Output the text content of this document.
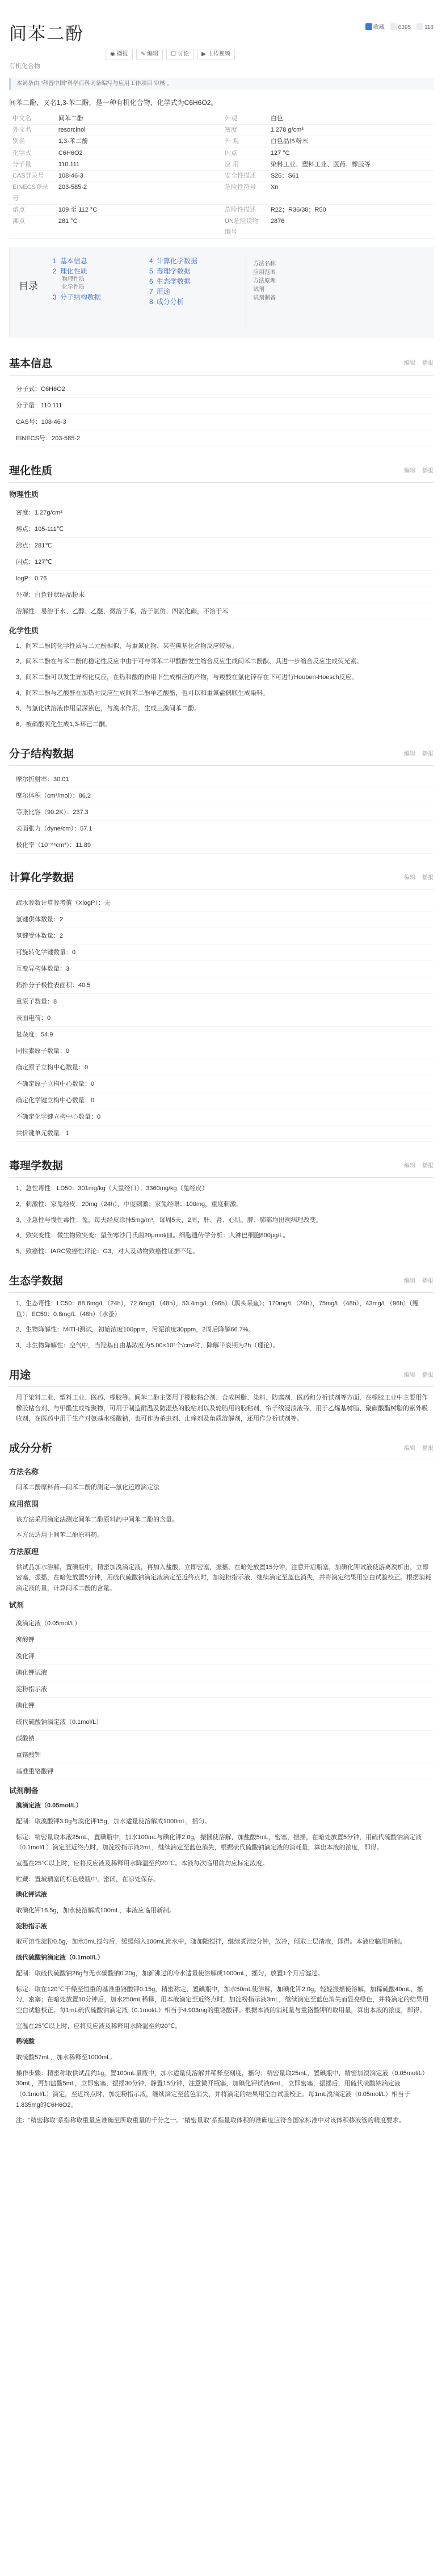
收藏	6395	118
间苯二酚
◉ 播报 ✎ 编辑 ☐ 讨论 ▶ 上传视频
有机化合物
本词条由 “科普中国”科学百科词条编写与应用工作项目 审核 。
间苯二酚，又名1,3-苯二酚，是一种有机化合物，化学式为C6H6O2。
中文名	间苯二酚	外观	白色
外文名	resorcinol	密度	1.278 g/cm³
别名	1,3-苯二酚	外 观	白色晶体粉末
化学式	C6H6O2	闪点	127 °C
分子量	110.111	应 用	染料工业、塑料工业、医药、橡胶等
CAS登录号	108-46-3	安全性描述	S26；S61
EINECS登录号	203-585-2	危险性符号	Xn
熔点	109 至 112 °C	危险性描述	R22；R36/38；R50
沸点	281 °C	UN危险货物编号	2876
目录
1 基本信息
2 理化性质
物理性质
化学性质
3 分子结构数据
4 计算化学数据
5 毒理学数据
6 生态学数据
7 用途
8 成分分析
方法名称
应用范围
方法原理
试剂
试剂制备
基本信息	编辑 播报
分子式：C6H6O2
分子量：110.111
CAS号：108-46-3
EINECS号：203-585-2
理化性质	编辑 播报
物理性质
密度：1.27g/cm³
熔点：105-111℃
沸点：281℃
闪点：127℃
logP：0.76
外观：白色针状结晶粉末
溶解性：易溶于水、乙醇、乙醚，微溶于苯，溶于氯仿、四氯化碳，不溶于苯
化学性质
1、间苯二酚的化学性质与二元酚相似，与重氮化物、某些羰基化合物反应较易。
2、间苯二酚在与苯二酚的稳定性反应中由于可与邻苯二甲酸酐发生缩合反应生成间苯二酚酞，其进一步缩合反应生成荧光素。
3、间苯二酚可以发生异构化反应，在热和酸的作用下生成相应的产物，与羧酸在氯化锌存在下可进行Houben-Hoesch反应。
4、间苯二酚与乙酸酐在加热时反应生成间苯二酚单乙酸酯，也可以和重氮盐偶联生成染料。
5、与氯化铁溶液作用呈深紫色，与溴水作用，生成三溴间苯二酚。
6、被硝酸氧化生成1,3-环己二酮。
分子结构数据	编辑 播报
摩尔折射率：30.01
摩尔体积（cm³/mol）：86.2
等张比容（90.2K）：237.3
表面张力（dyne/cm）：57.1
极化率（10⁻²⁴cm³）：11.89
计算化学数据	编辑 播报
疏水参数计算参考值（XlogP）：无
氢键供体数量：2
氢键受体数量：2
可旋转化学键数量：0
互变异构体数量：3
拓扑分子极性表面积：40.5
重原子数量：8
表面电荷：0
复杂度：54.9
同位素原子数量：0
确定原子立构中心数量：0
不确定原子立构中心数量：0
确定化学键立构中心数量：0
不确定化学键立构中心数量：0
共价键单元数量：1
毒理学数据	编辑 播报
1、急性毒性：LD50：301mg/kg（大鼠经口）；3360mg/kg（兔经皮）
2、刺激性：家兔经皮：20mg（24h），中度刺激；家兔经眼：100mg，重度刺激。
3、亚急性与慢性毒性：兔，每天经皮涂抹5mg/m³，每周5天，2周，肝、肾、心肌、脾、肺部均出现病理改变。
4、致突变性：微生物致突变：鼠伤寒沙门氏菌20μmol/皿。细胞遗传学分析：人淋巴细胞800μg/L。
5、致癌性：IARC致癌性评论：G3，对人及动物致癌性证据不足。
生态学数据	编辑 播报
1、生态毒性：LC50：88.6mg/L（24h），72.6mg/L（48h），53.4mg/L（96h）（黑头呆鱼）；170mg/L（24h），75mg/L（48h），43mg/L（96h）（鲤鱼）；EC50：0.8mg/L（48h）（水蚤）
2、生物降解性：MITI-I测试，初始浓度100ppm，污泥浓度30ppm，2周后降解66.7%。
3、非生物降解性：空气中，当羟基自由基浓度为5.00×10⁵个/cm³时，降解半衰期为2h（理论）。
用途	编辑 播报
用于染料工业、塑料工业、医药、橡胶等。间苯二酚主要用于橡胶粘合剂、合成树脂、染料、防腐剂、医药和分析试剂等方面，在橡胶工业中主要用作橡胶粘合剂、与甲醛生成缩聚物，可用于制造耐温及防湿热的胶粘剂以及轮胎用的胶粘剂、帘子线浸渍液等，用于乙烯基树脂、聚碳酸酯树脂的紫外吸收剂，在医药中用于生产对氨基水杨酸钠，也可作为杀虫剂、止痒剂及角质溶解剂，还用作分析试剂等。
成分分析	编辑 播报
方法名称
间苯二酚原料药—间苯二酚的测定—氢化还原滴定法
应用范围
该方法采用滴定法测定间苯二酚原料药中间苯二酚的含量。
本方法适用于间苯二酚原料药。
方法原理
供试品加水溶解，置碘瓶中，精密加溴滴定液，再加入盐酸，立即密塞，振摇，在暗处放置15分钟，注意开启瓶塞，加碘化钾试液使游离溴析出，立即密塞，振摇，在暗处放置5分钟，用硫代硫酸钠滴定液滴定至近终点时，加淀粉指示液，继续滴定至蓝色消失，并将滴定结果用空白试验校正。根据消耗滴定液的量，计算间苯二酚的含量。
试剂
溴滴定液（0.05mol/L）
溴酸钾
溴化钾
碘化钾试液
淀粉指示液
碘化钾
硫代硫酸钠滴定液（0.1mol/L）
碳酸钠
重铬酸钾
基准重铬酸钾
试剂制备
溴滴定液（0.05mol/L）
配制：取溴酸钾3.0g与溴化钾15g，加水适量使溶解成1000mL，摇匀。
标定：精密量取本液25mL，置碘瓶中，加水100mL与碘化钾2.0g，振摇使溶解，加盐酸5mL，密塞，振摇，在暗处放置5分钟，用硫代硫酸钠滴定液（0.1mol/L）滴定至近终点时，加淀粉指示液2mL，继续滴定至蓝色消失，根据硫代硫酸钠滴定液的消耗量，算出本液的浓度，即得。
室温在25℃以上时，应将反应液及稀释用水降温至约20℃。本液每次临用前均应标定浓度。
贮藏：置玻璃塞的棕色玻瓶中，密闭，在凉处保存。
碘化钾试液
取碘化钾16.5g，加水使溶解成100mL，本液应临用新制。
淀粉指示液
取可溶性淀粉0.5g，加水5mL搅匀后，缓缓倾入100mL沸水中，随加随搅拌，继续煮沸2分钟，放冷，倾取上层清液，即得。本液应临用新制。
硫代硫酸钠滴定液（0.1mol/L）
配制：取硫代硫酸钠26g与无水碳酸钠0.20g，加新沸过的冷水适量使溶解成1000mL，摇匀，放置1个月后滤过。
标定：取在120℃干燥至恒重的基准重铬酸钾0.15g，精密称定，置碘瓶中，加水50mL使溶解，加碘化钾2.0g，轻轻振摇使溶解，加稀硫酸40mL，摇匀，密塞；在暗处放置10分钟后，加水250mL稀释，用本液滴定至近终点时，加淀粉指示液3mL，继续滴定至蓝色消失而显亮绿色，并将滴定的结果用空白试验校正。每1mL硫代硫酸钠滴定液（0.1mol/L）相当于4.903mg的重铬酸钾。根据本液的消耗量与重铬酸钾的取用量，算出本液的浓度，即得。
室温在25℃以上时，应将反应液及稀释用水降温至约20℃。
稀硫酸
取硫酸57mL，加水稀释至1000mL。
操作步骤：精密称取供试品约1g，置100mL量瓶中，加水适量使溶解并稀释至刻度，摇匀；精密量取25mL，置碘瓶中，精密加溴滴定液（0.05mol/L）30mL，再加盐酸5mL，立即密塞，振摇30分钟，静置15分钟，注意微开瓶塞，加碘化钾试液6mL，立即密塞，振摇后，用硫代硫酸钠滴定液（0.1mol/L）滴定，至近终点时，加淀粉指示液，继续滴定至蓝色消失，并将滴定的结果用空白试验校正。每1mL溴滴定液（0.05mol/L）相当于1.835mg的C6H6O2。
注：“精密称取”系指称取重量应准确至所取重量的千分之一。“精密量取”系指量取体积的准确度应符合国家标准中对该体积移液管的精度要求。
